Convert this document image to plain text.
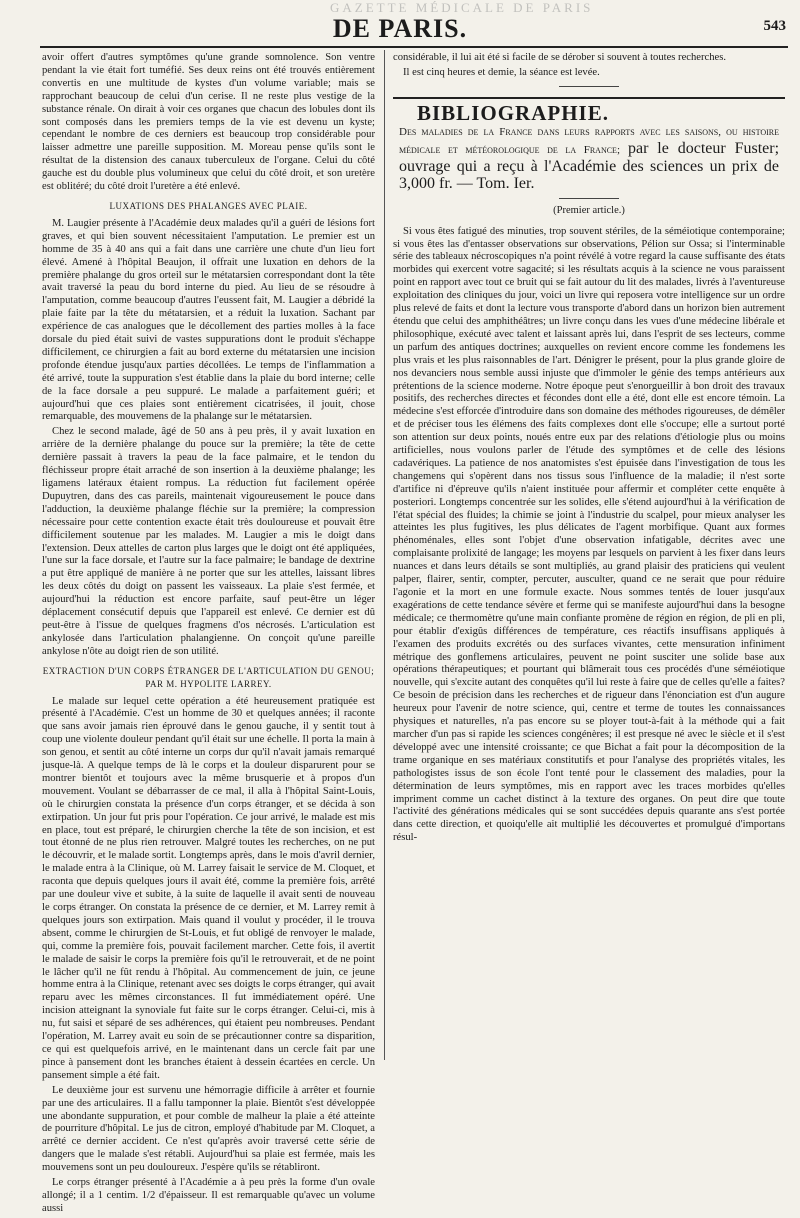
GAZETTE MÉDICALE DE PARIS
DE PARIS.	543

avoir offert d'autres symptômes qu'une grande somnolence. Son ventre pendant la vie était fort tuméfié. Ses deux reins ont été trouvés entièrement convertis en une multitude de kystes d'un volume variable; mais se rapprochant beaucoup de celui d'un cerise. Il ne reste plus vestige de la substance rénale. On dirait à voir ces organes que chacun des lobules dont ils sont composés dans les premiers temps de la vie est devenu un kyste; cependant le nombre de ces derniers est beaucoup trop considérable pour laisser admettre une pareille supposition. M. Moreau pense qu'ils sont le résultat de la distension des canaux tuberculeux de l'organe. Celui du côté gauche est du double plus volumineux que celui du côté droit, et son uretère est oblitéré; du côté droit l'uretère a été enlevé.

LUXATIONS DES PHALANGES AVEC PLAIE.

M. Laugier présente à l'Académie deux malades qu'il a guéri de lésions fort graves, et qui bien souvent nécessitaient l'amputation. Le premier est un homme de 35 à 40 ans qui a fait dans une carrière une chute d'un lieu fort élevé. Amené à l'hôpital Beaujon, il offrait une luxation en dehors de la première phalange du gros orteil sur le métatarsien correspondant dont la tête avait traversé la peau du bord interne du pied. Au lieu de se résoudre à l'amputation, comme beaucoup d'autres l'eussent fait, M. Laugier a débridé la plaie faite par la tête du métatarsien, et a réduit la luxation. Sachant par expérience de cas analogues que le décollement des parties molles à la face dorsale du pied était suivi de vastes suppurations dont le produit s'échappe difficilement, ce chirurgien a fait au bord externe du métatarsien une incision profonde étendue jusqu'aux parties décollées. Le temps de l'inflammation a été arrivé, toute la suppuration s'est établie dans la plaie du bord interne; celle de la face dorsale a peu suppuré. Le malade a parfaitement guéri; et aujourd'hui que ces plaies sont entièrement cicatrisées, il jouit, chose remarquable, des mouvemens de la phalange sur le métatarsien.

Chez le second malade, âgé de 50 ans à peu près, il y avait luxation en arrière de la dernière phalange du pouce sur la première; la tête de cette dernière passait à travers la peau de la face palmaire, et le tendon du fléchisseur propre était arraché de son insertion à la deuxième phalange; les ligamens latéraux étaient rompus. La réduction fut facilement opérée Dupuytren, dans des cas pareils, maintenait vigoureusement le pouce dans l'adduction, la deuxième phalange fléchie sur la première; la compression nécessaire pour cette contention exacte était très douloureuse et pouvait être difficilement soutenue par les malades. M. Laugier a mis le doigt dans l'extension. Deux attelles de carton plus larges que le doigt ont été appliquées, l'une sur la face dorsale, et l'autre sur la face palmaire; le bandage de dextrine a put être appliqué de manière à ne porter que sur les attelles, laissant libres les deux côtés du doigt on passent les vaisseaux. La plaie s'est fermée, et aujourd'hui la réduction est encore parfaite, sauf peut-être un léger déplacement consécutif depuis que l'appareil est enlevé. Ce dernier est dû peut-être à l'issue de quelques fragmens d'os nécrosés. L'articulation est ankylosée dans l'articulation phalangienne. On conçoit qu'une pareille ankylose n'ôte au doigt rien de son utilité.

EXTRACTION D'UN CORPS ÉTRANGER DE L'ARTICULATION DU GENOU; PAR M. HYPOLITE LARREY.

Le malade sur lequel cette opération a été heureusement pratiquée est présenté à l'Académie. C'est un homme de 30 et quelques années; il raconte que sans avoir jamais rien éprouvé dans le genou gauche, il y sentit tout à coup une violente douleur pendant qu'il était sur une échelle. Il porta la main à son genou, et sentit au côté interne un corps dur qu'il n'avait jamais remarqué jusque-là. A quelque temps de là le corps et la douleur disparurent pour se montrer bientôt et toujours avec la même brusquerie et à propos d'un mouvement. Voulant se débarrasser de ce mal, il alla à l'hôpital Saint-Louis, où le chirurgien constata la présence d'un corps étranger, et se décida à son extirpation. Un jour fut pris pour l'opération. Ce jour arrivé, le malade est mis en place, tout est préparé, le chirurgien cherche la tête de son incision, et est tout étonné de ne plus rien retrouver. Malgré toutes les recherches, on ne put le découvrir, et le malade sortit. Longtemps après, dans le mois d'avril dernier, le malade entra à la Clinique, où M. Larrey faisait le service de M. Cloquet, et raconta que depuis quelques jours il avait été, comme la première fois, arrêté par une douleur vive et subite, à la suite de laquelle il avait senti de nouveau le corps étranger. On constata la présence de ce dernier, et M. Larrey remit à quelques jours son extirpation. Mais quand il voulut y procéder, il le trouva absent, comme le chirurgien de St-Louis, et fut obligé de renvoyer le malade, qui, comme la première fois, pouvait facilement marcher. Cette fois, il avertit le malade de saisir le corps la première fois qu'il le retrouverait, et de ne point le lâcher qu'il ne fût rendu à l'hôpital. Au commencement de juin, ce jeune homme entra à la Clinique, retenant avec ses doigts le corps étranger, qui avait reparu avec les mêmes circonstances. Il fut immédiatement opéré. Une incision atteignant la synoviale fut faite sur le corps étranger. Celui-ci, mis à nu, fut saisi et séparé de ses adhérences, qui étaient peu nombreuses. Pendant l'opération, M. Larrey avait eu soin de se précautionner contre sa disparition, ce qui est quelquefois arrivé, en le maintenant dans un cercle fait par une pince à pansement dont les branches étaient à dessein écartées en cercle. Un pansement simple a été fait.

Le deuxième jour est survenu une hémorragie difficile à arrêter et fournie par une des articulaires. Il a fallu tamponner la plaie. Bientôt s'est développée une abondante suppuration, et pour comble de malheur la plaie a été atteinte de pourriture d'hôpital. Le jus de citron, employé d'habitude par M. Cloquet, a arrêté ce dernier accident. Ce n'est qu'après avoir traversé cette série de dangers que le malade s'est rétabli. Aujourd'hui sa plaie est fermée, mais les mouvemens sont un peu douloureux. J'espère qu'ils se rétabliront.

Le corps étranger présenté à l'Académie a à peu près la forme d'un ovale allongé; il a 1 centim. 1/2 d'épaisseur. Il est remarquable qu'avec un volume aussi

considérable, il lui ait été si facile de se dérober si souvent à toutes recherches.

Il est cinq heures et demie, la séance est levée.

BIBLIOGRAPHIE.
Des maladies de la France dans leurs rapports avec les saisons, ou histoire médicale et météorologique de la France; par le docteur Fuster; ouvrage qui a reçu à l'Académie des sciences un prix de 3,000 fr. — Tom. Ier.
(Premier article.)

Si vous êtes fatigué des minuties, trop souvent stériles, de la séméiotique contemporaine; si vous êtes las d'entasser observations sur observations, Pélion sur Ossa; si l'interminable série des tableaux nécroscopiques n'a point révélé à votre regard la cause suffisante des états morbides qui exercent votre sagacité; si les résultats acquis à la science ne vous paraissent point en rapport avec tout ce bruit qui se fait autour du lit des malades, livrés à l'aventureuse exploitation des cliniques du jour, voici un livre qui reposera votre intelligence sur un ordre plus relevé de faits et dont la lecture vous transporte d'abord dans un horizon bien autrement étendu que celui des amphithéâtres; un livre conçu dans les vues d'une médecine libérale et philosophique, exécuté avec talent et laissant après lui, dans l'esprit de ses lecteurs, comme un parfum des antiques doctrines; auxquelles on revient encore comme les fondemens les plus vrais et les plus raisonnables de l'art. Dénigrer le présent, pour la plus grande gloire de nos devanciers nous semble aussi injuste que d'immoler le génie des temps antérieurs aux prétentions de la science moderne. Notre époque peut s'enorgueillir à bon droit des travaux positifs, des recherches directes et fécondes dont elle a été, dont elle est encore témoin. La médecine s'est efforcée d'introduire dans son domaine des méthodes rigoureuses, de démêler et de préciser tous les élémens des faits complexes dont elle s'occupe; elle a surtout porté son attention sur deux points, noués entre eux par des relations d'étiologie plus ou moins artificielles, nous voulons parler de l'étude des symptômes et de celle des lésions cadavériques. La patience de nos anatomistes s'est épuisée dans l'investigation de tous les changemens qui s'opèrent dans nos tissus sous l'influence de la maladie; il n'est sorte d'artifice ni d'épreuve qu'ils n'aient instituée pour affermir et compléter cette enquête à posteriori. Longtemps concentrée sur les solides, elle s'étend aujourd'hui à la vérification de l'état spécial des fluides; la chimie se joint à l'industrie du scalpel, pour mieux analyser les atteintes les plus fugitives, les plus délicates de l'agent morbifique. Quant aux formes phénoménales, elles sont l'objet d'une observation infatigable, décrites avec une complaisante prolixité de langage; les moyens par lesquels on parvient à les fixer dans leurs nuances et dans leurs détails se sont multipliés, au grand plaisir des praticiens qui veulent palper, flairer, sentir, compter, percuter, ausculter, quand ce ne serait que pour réduire l'agonie et la mort en une formule exacte. Nous sommes tentés de louer jusqu'aux exagérations de cette tendance sévère et ferme qui se manifeste aujourd'hui dans la besogne médicale; ce thermomètre qu'une main confiante promène de région en région, de pli en pli, pour établir d'exigûs différences de température, ces réactifs insuffisans appliqués à l'examen des produits excrétés ou des surfaces vivantes, cette mensuration infiniment métrique des gonflemens articulaires, peuvent ne point susciter une solide base aux opérations thérapeutiques; et pourtant qui blâmerait tous ces procédés d'une séméiotique nouvelle, qui s'excite autant des conquêtes qu'il lui reste à faire que de celles qu'elle a faites? Ce besoin de précision dans les recherches et de rigueur dans l'énonciation est d'un augure heureux pour l'avenir de notre science, qui, centre et terme de toutes les connaissances physiques et naturelles, n'a pas encore su se ployer tout-à-fait à la méthode qui a fait marcher d'un pas si rapide les sciences congénères; il est presque né avec le siècle et il s'est développé avec une intensité croissante; ce que Bichat a fait pour la décomposition de la trame organique en ses matériaux constitutifs et pour l'analyse des propriétés vitales, les pathologistes issus de son école l'ont tenté pour le classement des maladies, pour la détermination de leurs symptômes, mis en rapport avec les traces morbides qu'elles impriment comme un cachet distinct à la texture des organes. On peut dire que toute l'activité des générations médicales qui se sont succédées depuis quarante ans s'est portée dans cette direction, et quoiqu'elle ait multiplié les découvertes et promulgué d'importans résul-
